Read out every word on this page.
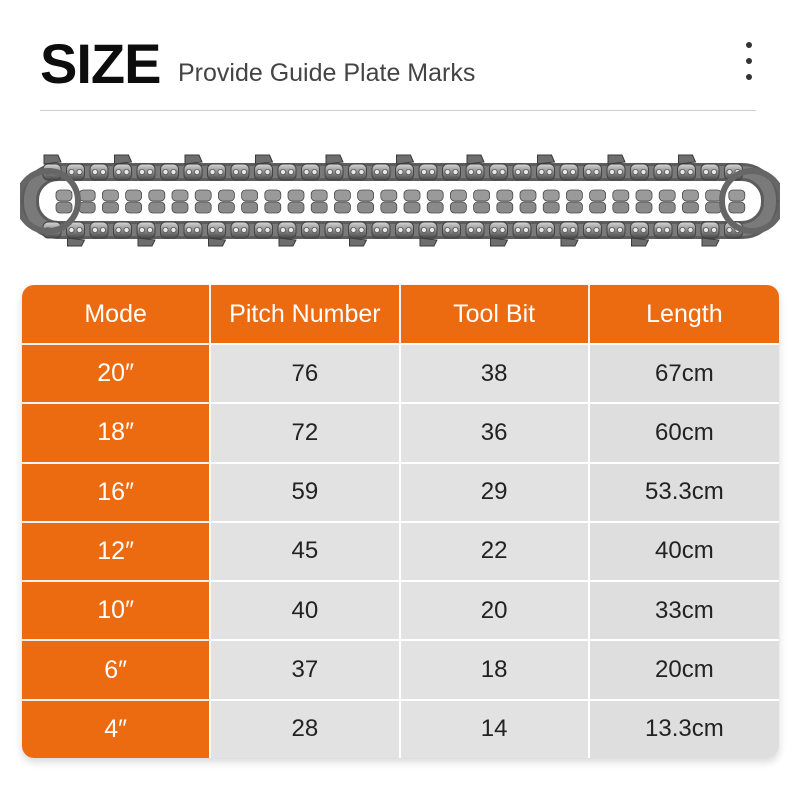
SIZE Provide Guide Plate Marks
Mode	Pitch Number	Tool Bit	Length
20″	76	38	67cm
18″	72	36	60cm
16″	59	29	53.3cm
12″	45	22	40cm
10″	40	20	33cm
6″	37	18	20cm
4″	28	14	13.3cm
